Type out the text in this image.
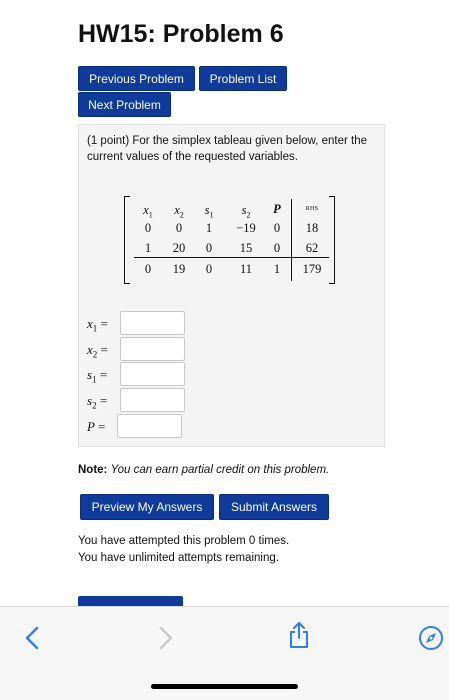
HW15: Problem 6
Previous Problem	Problem List
Next Problem
(1 point) For the simplex tableau given below, enter the current values of the requested variables.
$x_1$	$x_2$	$s_1$	$s_2$	P	RHS
0	0	1	−19	0	18
1	20	0	15	0	62
0	19	0	11	1	179
$x_1$ =
$x_2$ =
$s_1$ =
$s_2$ =
P =
Note: You can earn partial credit on this problem.
Preview My Answers	Submit Answers
You have attempted this problem 0 times.
You have unlimited attempts remaining.
